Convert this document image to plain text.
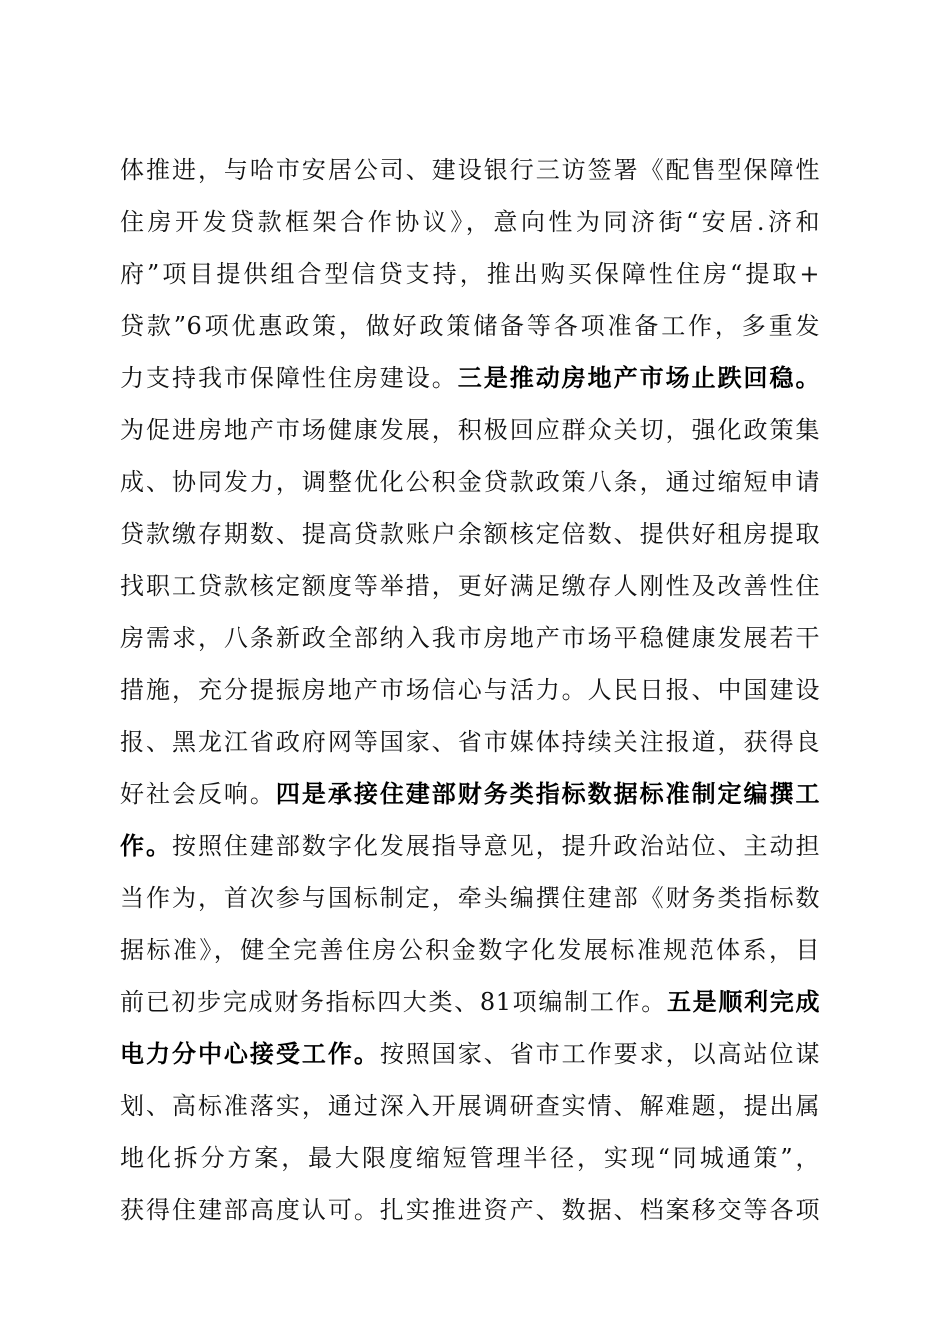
体推进，与哈市安居公司、建设银行三访签署《配售型保障性
住房开发贷款框架合作协议》，意向性为同济街“安居.济和
府”项目提供组合型信贷支持，推出购买保障性住房“提取+
贷款”6项优惠政策，做好政策储备等各项准备工作，多重发
力支持我市保障性住房建设。三是推动房地产市场止跌回稳。
为促进房地产市场健康发展，积极回应群众关切，强化政策集
成、协同发力，调整优化公积金贷款政策八条，通过缩短申请
贷款缴存期数、提高贷款账户余额核定倍数、提供好租房提取
找职工贷款核定额度等举措，更好满足缴存人刚性及改善性住
房需求，八条新政全部纳入我市房地产市场平稳健康发展若干
措施，充分提振房地产市场信心与活力。人民日报、中国建设
报、黑龙江省政府网等国家、省市媒体持续关注报道，获得良
好社会反响。四是承接住建部财务类指标数据标准制定编撰工
作。按照住建部数字化发展指导意见，提升政治站位、主动担
当作为，首次参与国标制定，牵头编撰住建部《财务类指标数
据标准》，健全完善住房公积金数字化发展标准规范体系，目
前已初步完成财务指标四大类、81项编制工作。五是顺利完成
电力分中心接受工作。按照国家、省市工作要求，以高站位谋
划、高标准落实，通过深入开展调研查实情、解难题，提出属
地化拆分方案，最大限度缩短管理半径，实现“同城通策”，
获得住建部高度认可。扎实推进资产、数据、档案移交等各项
